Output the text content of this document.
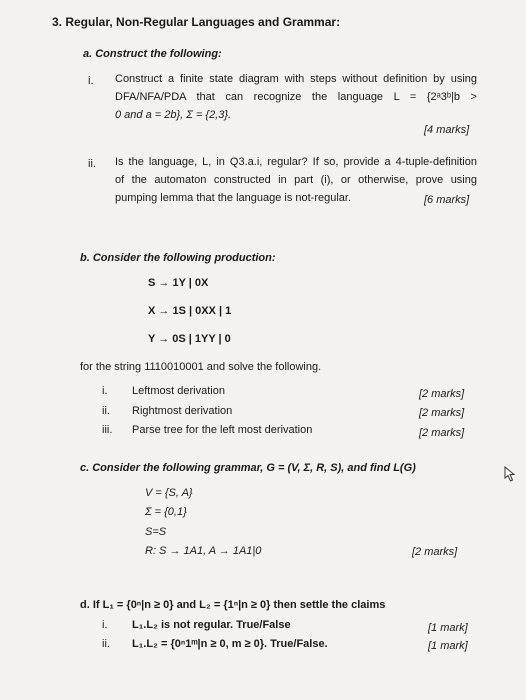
3. Regular, Non-Regular Languages and Grammar:
a. Construct the following:
i. Construct a finite state diagram with steps without definition by using
DFA/NFA/PDA that can recognize the language L = {2ᵃ3ᵇ|b >
0 and a = 2b}, Σ = {2,3}.
[4 marks]
ii. Is the language, L, in Q3.a.i, regular? If so, provide a 4-tuple-definition
of the automaton constructed in part (i), or otherwise, prove using
pumping lemma that the language is not-regular.	[6 marks]
b. Consider the following production:
S → 1Y | 0X
X → 1S | 0XX | 1
Y → 0S | 1YY | 0
for the string 1110010001 and solve the following.
i. Leftmost derivation	[2 marks]
ii. Rightmost derivation	[2 marks]
iii. Parse tree for the left most derivation	[2 marks]
c. Consider the following grammar, G = (V, Σ, R, S), and find L(G)
V = {S, A}
Σ = {0,1}
S=S
R: S → 1A1, A → 1A1|0	[2 marks]
d. If L₁ = {0ⁿ|n ≥ 0} and L₂ = {1ⁿ|n ≥ 0} then settle the claims
i. L₁.L₂ is not regular. True/False	[1 mark]
ii. L₁.L₂ = {0ⁿ1ᵐ|n ≥ 0, m ≥ 0}. True/False.	[1 mark]
